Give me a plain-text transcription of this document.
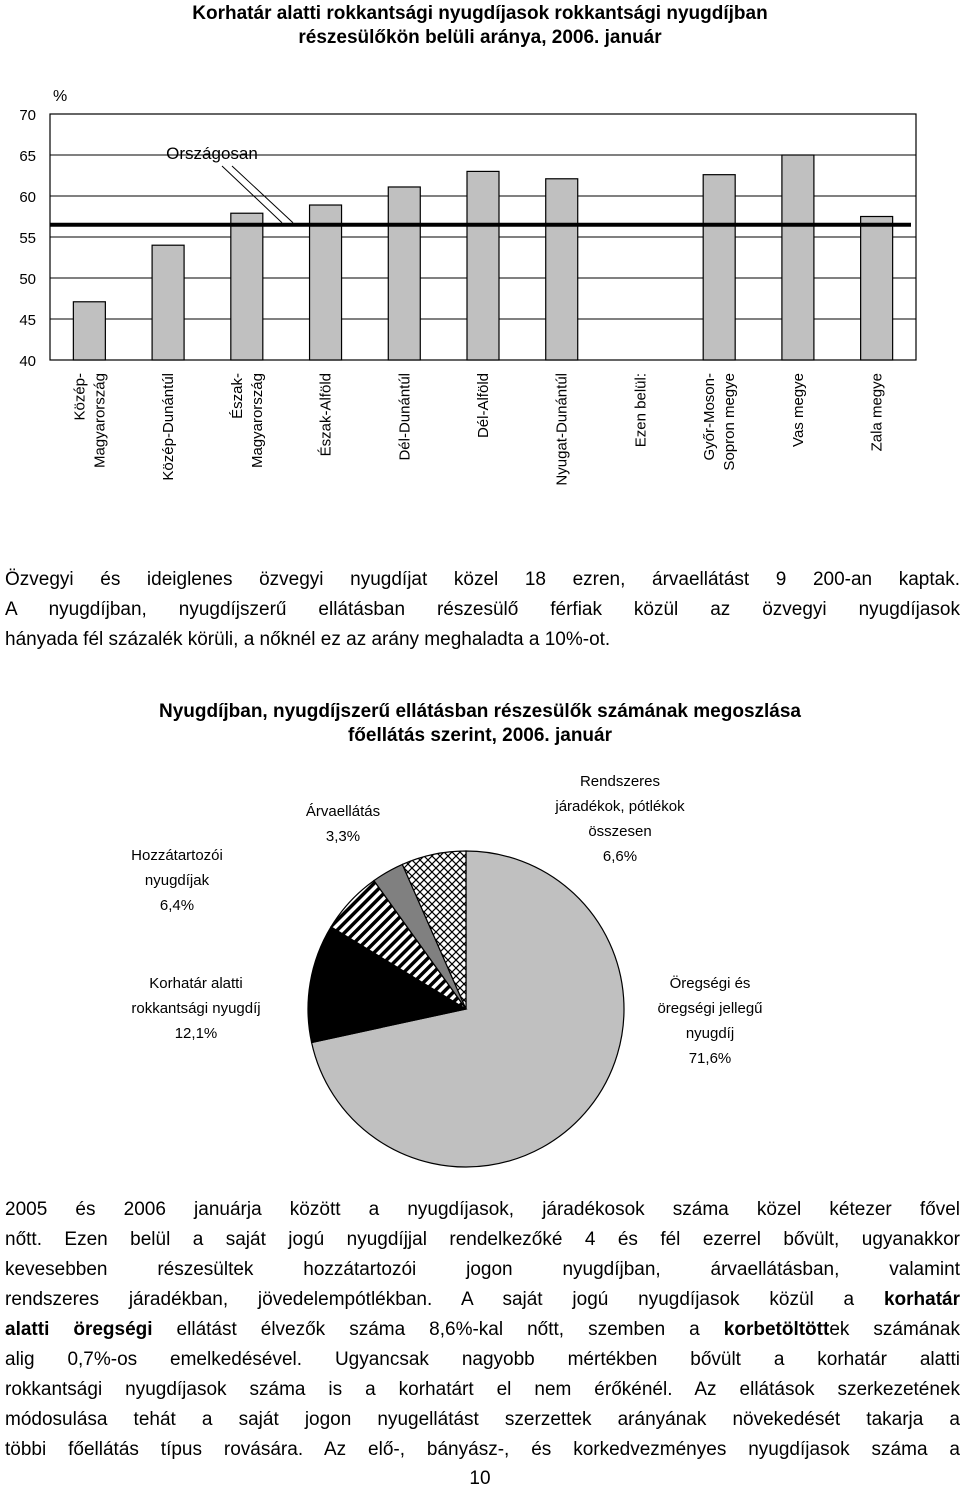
Korhatár alatti rokkantsági nyugdíjasok rokkantsági nyugdíjban
részesülőkön belüli aránya, 2006. január
Országosan
40
45
50
55
60
65
70
%
Közép- Magyarország	Közép-Dunántúl	Észak- Magyarország	Észak-Alföld	Dél-Dunántúl	Dél-Alföld	Nyugat-Dunántúl	Ezen belül:	Győr-Moson- Sopron megye	Vas megye	Zala megye
Özvegyi és ideiglenes özvegyi nyugdíjat közel 18 ezren, árvaellátást 9 200-an kaptak.
A nyugdíjban, nyugdíjszerű ellátásban részesülő férfiak közül az özvegyi nyugdíjasok
hányada fél százalék körüli, a nőknél ez az arány meghaladta a 10%-ot.
Nyugdíjban, nyugdíjszerű ellátásban részesülők számának megoszlása
főellátás szerint, 2006. január
Öregségi és öregségi jellegű nyugdíj 71,6%
Korhatár alatti rokkantsági nyugdíj 12,1%
Hozzátartozói nyugdíjak 6,4%
Árvaellátás 3,3%
Rendszeres járadékok, pótlékok összesen 6,6%
2005 és 2006 januárja között a nyugdíjasok, járadékosok száma közel kétezer fővel
nőtt. Ezen belül a saját jogú nyugdíjjal rendelkezőké 4 és fél ezerrel bővült, ugyanakkor
kevesebben részesültek hozzátartozói jogon nyugdíjban, árvaellátásban, valamint
rendszeres járadékban, jövedelempótlékban. A saját jogú nyugdíjasok közül a korhatár
alatti öregségi ellátást élvezők száma 8,6%-kal nőtt, szemben a korbetöltöttek számának
alig 0,7%-os emelkedésével. Ugyancsak nagyobb mértékben bővült a korhatár alatti
rokkantsági nyugdíjasok száma is a korhatárt el nem érőkénél. Az ellátások szerkezetének
módosulása tehát a saját jogon nyugellátást szerzettek arányának növekedését takarja a
többi főellátás típus rovására. Az elő-, bányász-, és korkedvezményes nyugdíjasok száma a
10
